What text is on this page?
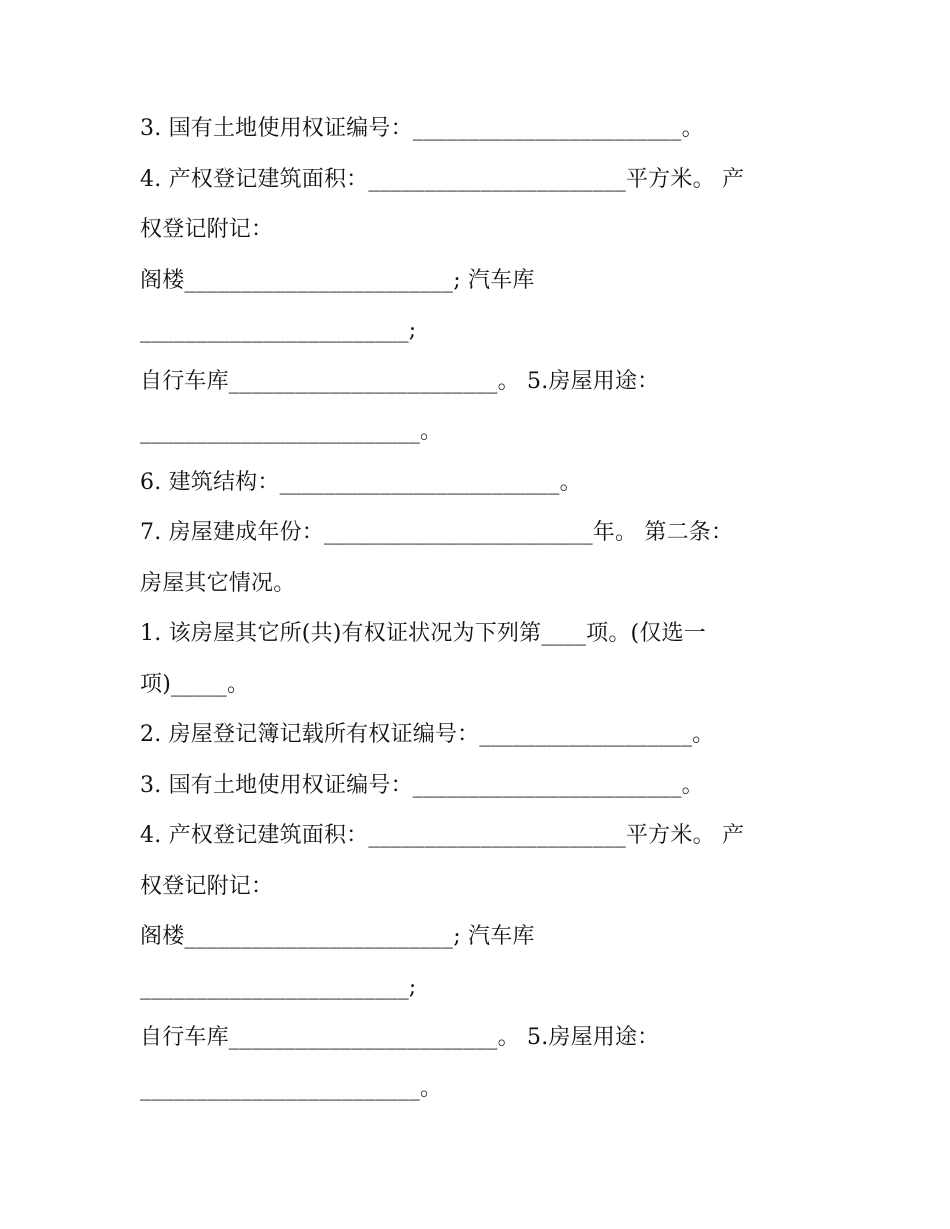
3. 国有土地使用权证编号：________________________。
4. 产权登记建筑面积：_______________________平方米。 产
权登记附记：
阁楼________________________; 汽车库
________________________;
自行车库________________________。 5.房屋用途：
_________________________。
6. 建筑结构：_________________________。
7. 房屋建成年份：________________________年。 第二条：
房屋其它情况。
1. 该房屋其它所(共)有权证状况为下列第____项。(仅选一
项)_____。
2. 房屋登记簿记载所有权证编号：___________________。
3. 国有土地使用权证编号：________________________。
4. 产权登记建筑面积：_______________________平方米。 产
权登记附记：
阁楼________________________; 汽车库
________________________;
自行车库________________________。 5.房屋用途：
_________________________。
